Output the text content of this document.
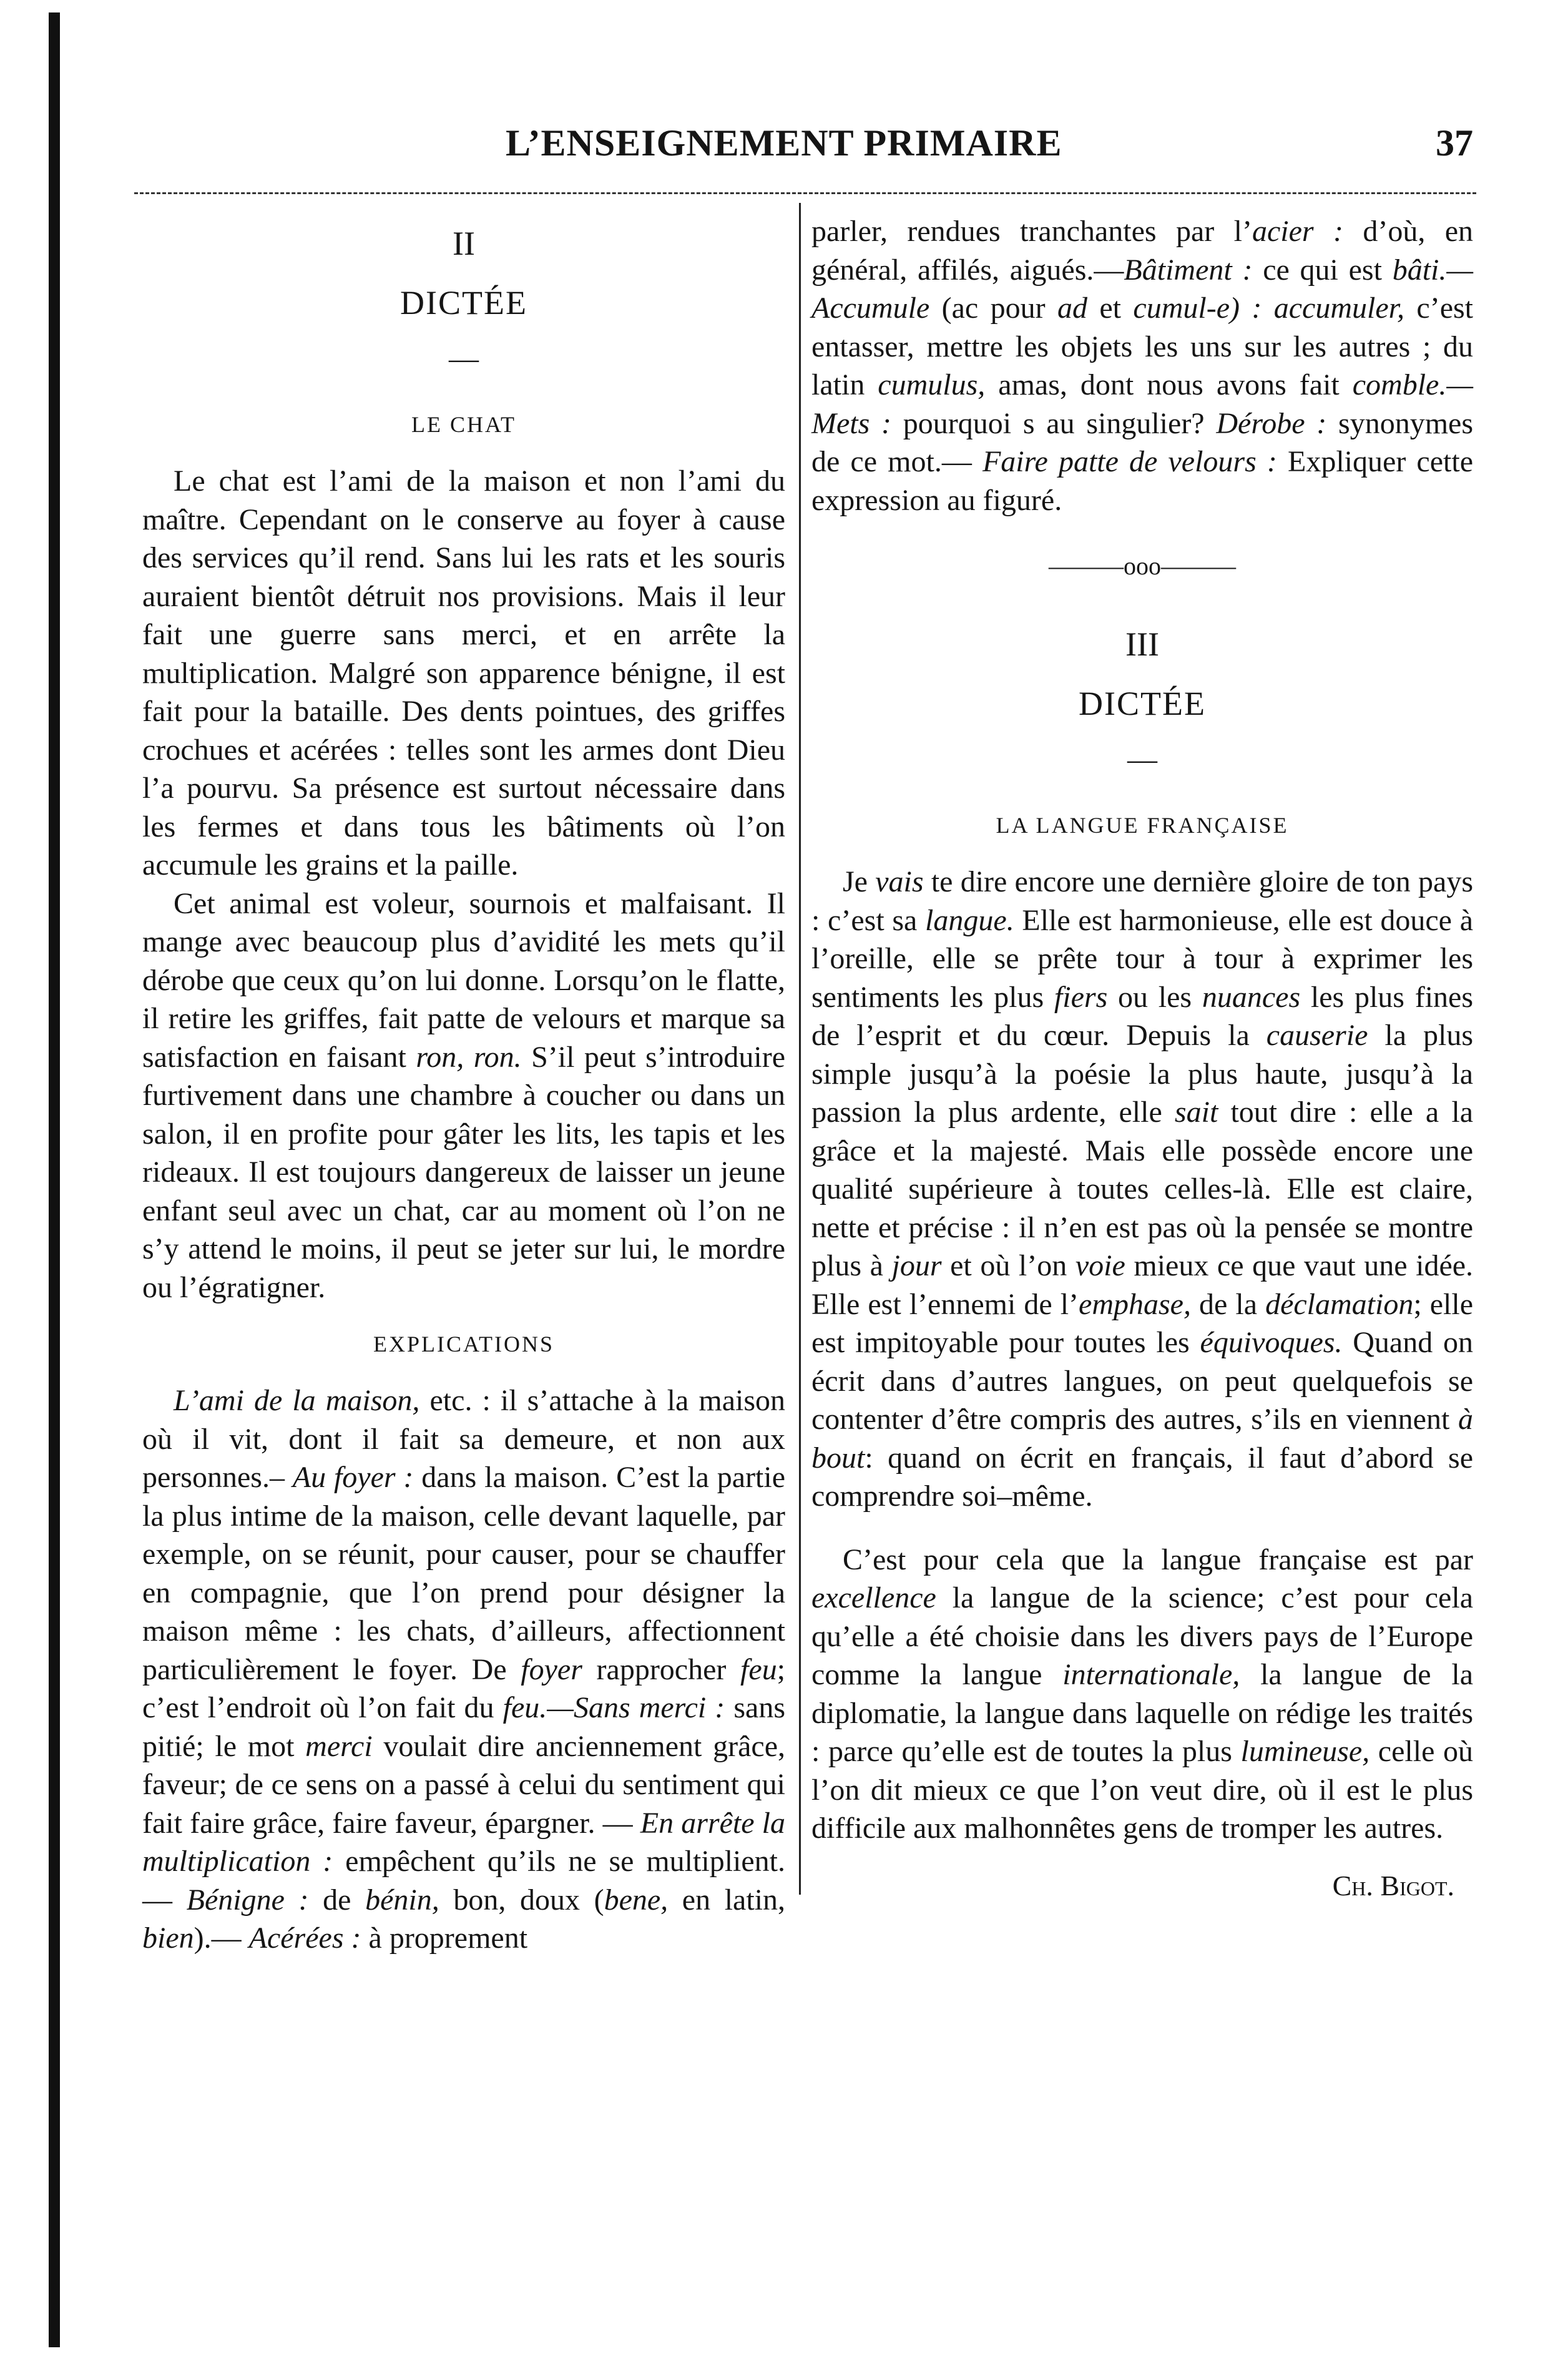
L’ENSEIGNEMENT PRIMAIRE	37
II
DICTÉE
—
LE CHAT

Le chat est l’ami de la maison et non l’ami du maître. Cependant on le conserve au foyer à cause des services qu’il rend. Sans lui les rats et les souris auraient bientôt détruit nos provisions. Mais il leur fait une guerre sans merci, et en arrête la multiplication. Malgré son apparence bénigne, il est fait pour la bataille. Des dents pointues, des griffes crochues et acérées : telles sont les armes dont Dieu l’a pourvu. Sa présence est surtout nécessaire dans les fermes et dans tous les bâtiments où l’on accumule les grains et la paille.

Cet animal est voleur, sournois et malfaisant. Il mange avec beaucoup plus d’avidité les mets qu’il dérobe que ceux qu’on lui donne. Lorsqu’on le flatte, il retire les griffes, fait patte de velours et marque sa satisfaction en faisant ron, ron. S’il peut s’introduire furtivement dans une chambre à coucher ou dans un salon, il en profite pour gâter les lits, les tapis et les rideaux. Il est toujours dangereux de laisser un jeune enfant seul avec un chat, car au moment où l’on ne s’y attend le moins, il peut se jeter sur lui, le mordre ou l’égratigner.

EXPLICATIONS

L’ami de la maison, etc. : il s’attache à la maison où il vit, dont il fait sa demeure, et non aux personnes.– Au foyer : dans la maison. C’est la partie la plus intime de la maison, celle devant laquelle, par exemple, on se réunit, pour causer, pour se chauffer en compagnie, que l’on prend pour désigner la maison même : les chats, d’ailleurs, affectionnent particulièrement le foyer. De foyer rapprocher feu; c’est l’endroit où l’on fait du feu.—Sans merci : sans pitié; le mot merci voulait dire anciennement grâce, faveur; de ce sens on a passé à celui du sentiment qui fait faire grâce, faire faveur, épargner. — En arrête la multiplication : empêchent qu’ils ne se multiplient.— Bénigne : de bénin, bon, doux (bene, en latin, bien).— Acérées : à proprement

parler, rendues tranchantes par l’acier : d’où, en général, affilés, aigués.—Bâtiment : ce qui est bâti.—Accumule (ac pour ad et cumul-e) : accumuler, c’est entasser, mettre les objets les uns sur les autres ; du latin cumulus, amas, dont nous avons fait comble.—Mets : pourquoi s au singulier? Dérobe : synonymes de ce mot.— Faire patte de velours : Expliquer cette expression au figuré.

———ooo———
III
DICTÉE
—
LA LANGUE FRANÇAISE

Je vais te dire encore une dernière gloire de ton pays : c’est sa langue. Elle est harmonieuse, elle est douce à l’oreille, elle se prête tour à tour à exprimer les sentiments les plus fiers ou les nuances les plus fines de l’esprit et du cœur. Depuis la causerie la plus simple jusqu’à la poésie la plus haute, jusqu’à la passion la plus ardente, elle sait tout dire : elle a la grâce et la majesté. Mais elle possède encore une qualité supérieure à toutes celles-là. Elle est claire, nette et précise : il n’en est pas où la pensée se montre plus à jour et où l’on voie mieux ce que vaut une idée. Elle est l’ennemi de l’emphase, de la déclamation; elle est impitoyable pour toutes les équivoques. Quand on écrit dans d’autres langues, on peut quelquefois se contenter d’être compris des autres, s’ils en viennent à bout: quand on écrit en français, il faut d’abord se comprendre soi–même.

C’est pour cela que la langue française est par excellence la langue de la science; c’est pour cela qu’elle a été choisie dans les divers pays de l’Europe comme la langue internationale, la langue de la diplomatie, la langue dans laquelle on rédige les traités : parce qu’elle est de toutes la plus lumineuse, celle où l’on dit mieux ce que l’on veut dire, où il est le plus difficile aux malhonnêtes gens de tromper les autres.

Ch. Bigot.
